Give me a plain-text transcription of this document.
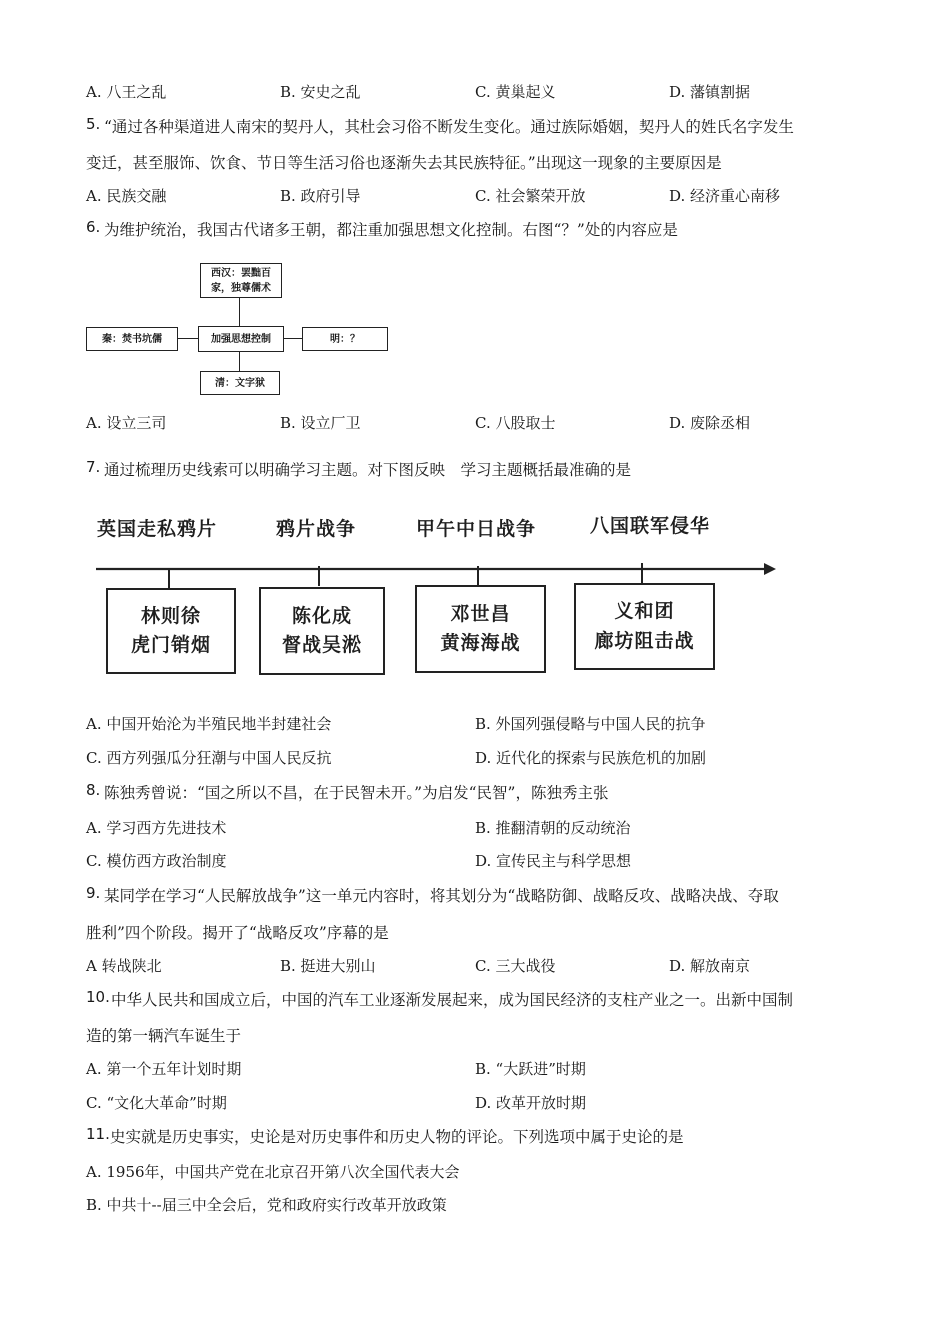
A. 八王之乱	B. 安史之乱	C. 黄巢起义	D. 藩镇割据
5. “通过各种渠道进人南宋的契丹人，其杜会习俗不断发生变化。通过族际婚姻，契丹人的姓氏名字发生
变迁，甚至服饰、饮食、节日等生活习俗也逐渐失去其民族特征。”出现这一现象的主要原因是
A. 民族交融	B. 政府引导	C. 社会繁荣开放	D. 经济重心南移
6. 为维护统治，我国古代诸多王朝，都注重加强思想文化控制。右图“？”处的内容应是
西汉：罢黜百
家，独尊儒术
秦：焚书坑儒	加强思想控制	明：？
清：文字狱
A. 设立三司	B. 设立厂卫	C. 八股取士	D. 废除丞相
7. 通过梳理历史线索可以明确学习主题。对下图反映　学习主题概括最准确的是
英国走私鸦片	鸦片战争	甲午中日战争	八国联军侵华
林则徐
虎门销烟
陈化成
督战吴淞
邓世昌
黄海海战
义和团
廊坊阻击战
A. 中国开始沦为半殖民地半封建社会	B. 外国列强侵略与中国人民的抗争
C. 西方列强瓜分狂潮与中国人民反抗	D. 近代化的探索与民族危机的加剧
8. 陈独秀曾说：“国之所以不昌，在于民智未开。”为启发“民智”，陈独秀主张
A. 学习西方先进技术	B. 推翻清朝的反动统治
C. 模仿西方政治制度	D. 宣传民主与科学思想
9. 某同学在学习“人民解放战争”这一单元内容时，将其划分为“战略防御、战略反攻、战略决战、夺取
胜利”四个阶段。揭开了“战略反攻”序幕的是
A 转战陕北	B. 挺进大别山	C. 三大战役	D. 解放南京
10. 中华人民共和国成立后，中国的汽车工业逐渐发展起来，成为国民经济的支柱产业之一。出新中国制
造的第一辆汽车诞生于
A. 第一个五年计划时期	B. “大跃进”时期
C. “文化大革命”时期	D. 改革开放时期
11. 史实就是历史事实，史论是对历史事件和历史人物的评论。下列选项中属于史论的是
A. 1956年，中国共产党在北京召开第八次全国代表大会
B. 中共十--届三中全会后，党和政府实行改革开放政策
